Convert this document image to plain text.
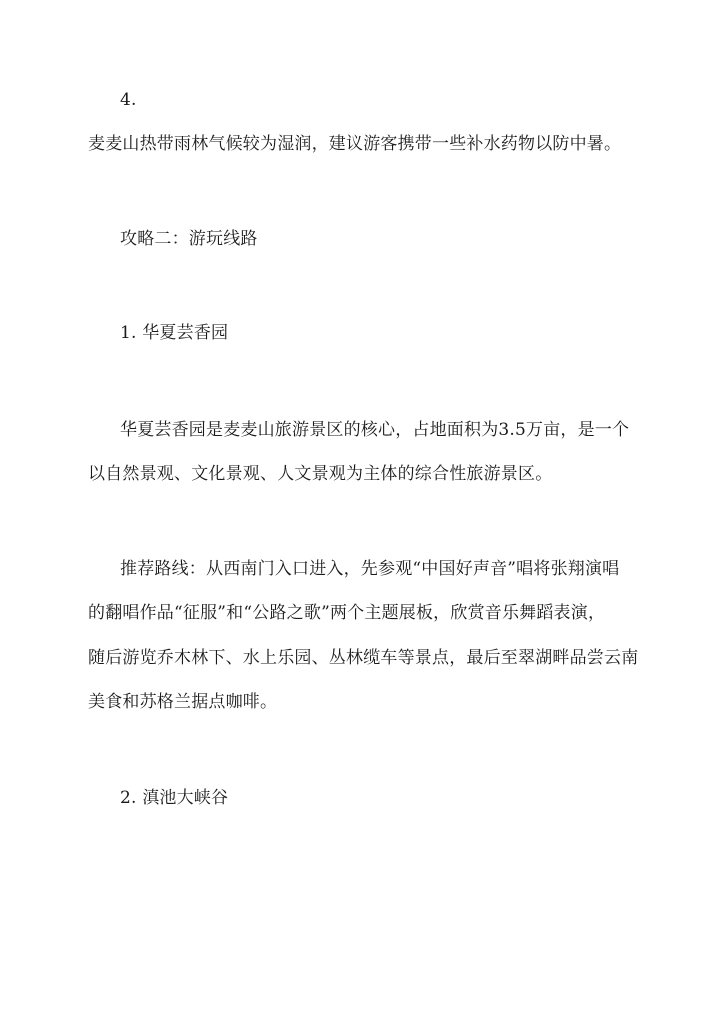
4.
麦麦山热带雨林气候较为湿润，建议游客携带一些补水药物以防中暑。
攻略二：游玩线路
1. 华夏芸香园
华夏芸香园是麦麦山旅游景区的核心，占地面积为3.5万亩，是一个
以自然景观、文化景观、人文景观为主体的综合性旅游景区。
推荐路线：从西南门入口进入，先参观“中国好声音”唱将张翔演唱
的翻唱作品“征服”和“公路之歌”两个主题展板，欣赏音乐舞蹈表演，
随后游览乔木林下、水上乐园、丛林缆车等景点，最后至翠湖畔品尝云南
美食和苏格兰据点咖啡。
2. 滇池大峡谷
